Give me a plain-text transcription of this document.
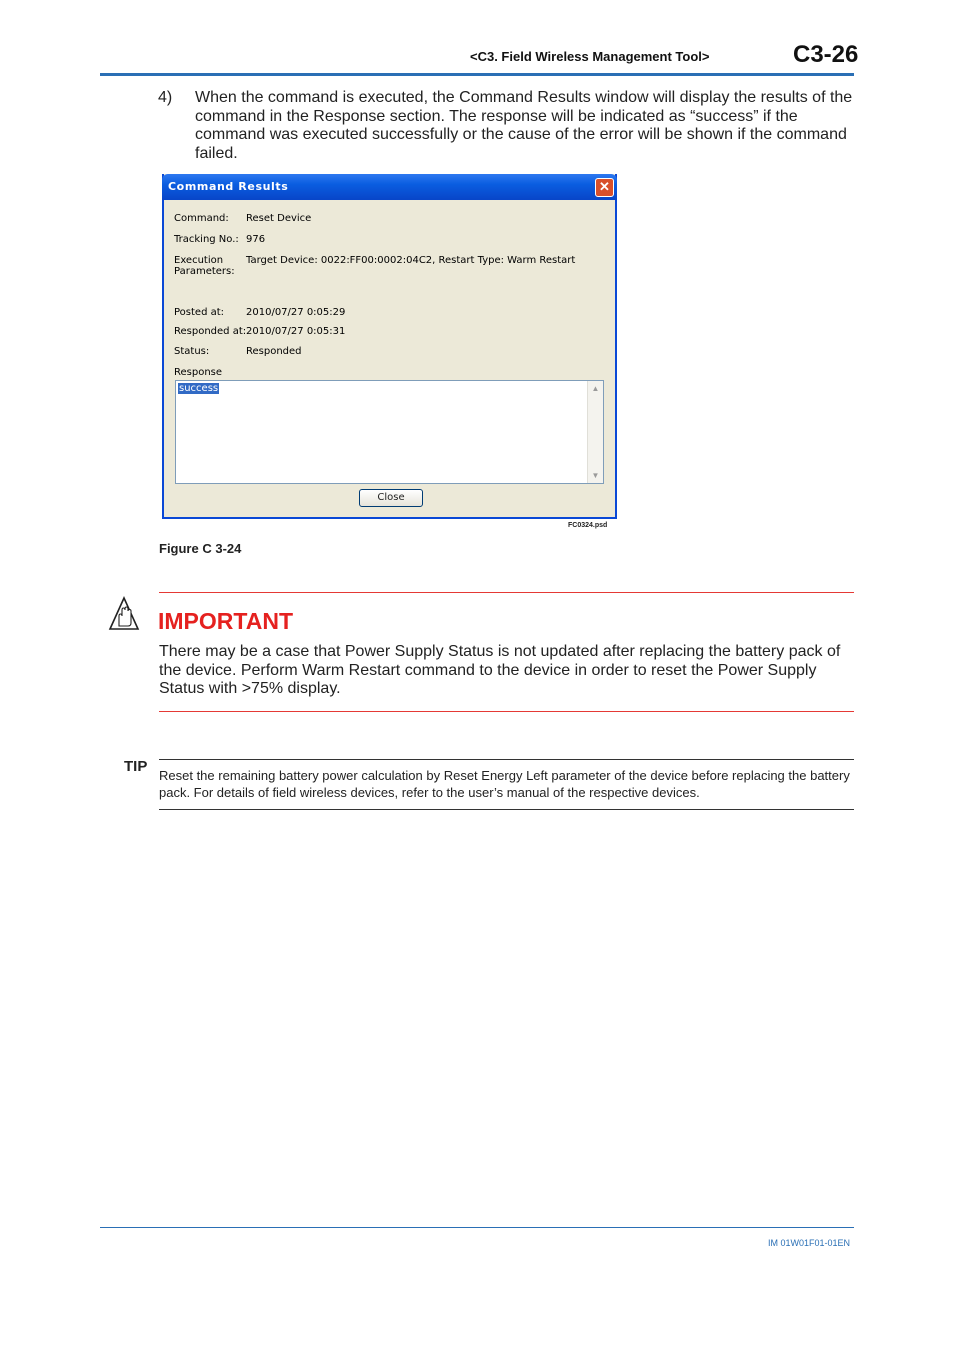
<C3. Field Wireless Management Tool>	C3-26
4) When the command is executed, the Command Results window will display the results of the command in the Response section. The response will be indicated as “success” if the command was executed successfully or the cause of the error will be shown if the command failed.
Command Results	✕
Command: Reset Device
Tracking No.: 976
Execution
Parameters:
Target Device: 0022:FF00:0002:04C2, Restart Type: Warm Restart
Posted at: 2010/07/27 0:05:29
Responded at: 2010/07/27 0:05:31
Status:	Responded
Response
success	▲
▼
Close
FC0324.psd
Figure C 3-24
IMPORTANT
There may be a case that Power Supply Status is not updated after replacing the battery pack of the device. Perform Warm Restart command to the device in order to reset the Power Supply Status with >75% display.
TIP
Reset the remaining battery power calculation by Reset Energy Left parameter of the device before replacing the battery pack. For details of field wireless devices, refer to the user’s manual of the respective devices.
IM 01W01F01-01EN
